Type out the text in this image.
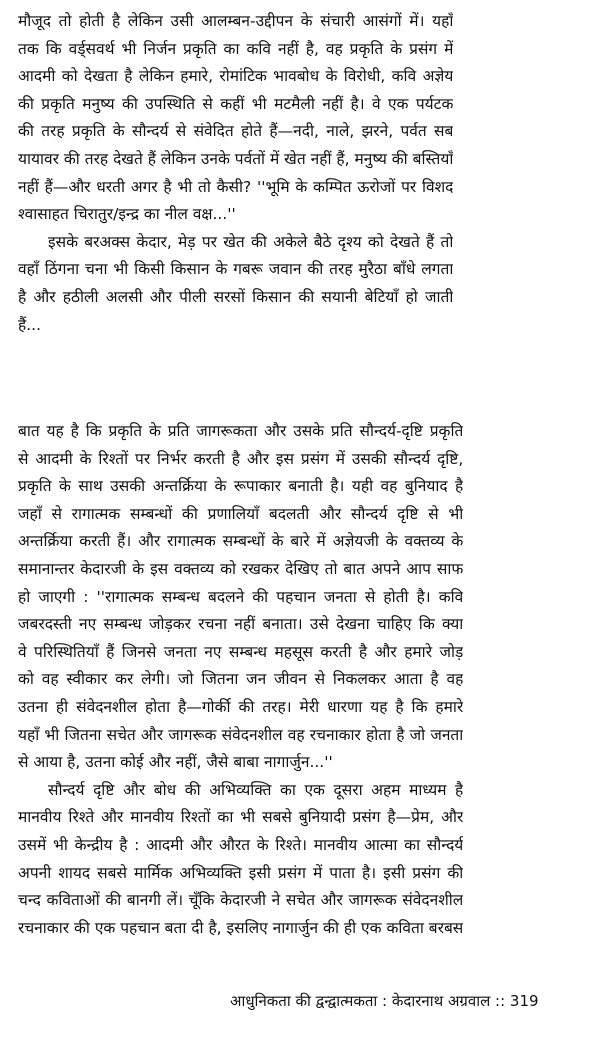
मौजूद तो होती है लेकिन उसी आलम्बन-उद्दीपन के संचारी आसंगों में। यहाँ
तक कि वर्ड्सवर्थ भी निर्जन प्रकृति का कवि नहीं है, वह प्रकृति के प्रसंग में
आदमी को देखता है लेकिन हमारे, रोमांटिक भावबोध के विरोधी, कवि अज्ञेय
की प्रकृति मनुष्य की उपस्थिति से कहीं भी मटमैली नहीं है। वे एक पर्यटक
की तरह प्रकृति के सौन्दर्य से संवेदित होते हैं—नदी, नाले, झरने, पर्वत सब
यायावर की तरह देखते हैं लेकिन उनके पर्वतों में खेत नहीं हैं, मनुष्य की बस्तियाँ
नहीं हैं—और धरती अगर है भी तो कैसी? ''भूमि के कम्पित ऊरोजों पर विशद
श्वासाहत चिरातुर/इन्द्र का नील वक्ष...''
इसके बरअक्स केदार, मेड़ पर खेत की अकेले बैठे दृश्य को देखते हैं तो
वहाँ ठिंगना चना भी किसी किसान के गबरू जवान की तरह मुरैठा बाँधे लगता
है और हठीली अलसी और पीली सरसों किसान की सयानी बेटियाँ हो जाती
हैं...
बात यह है कि प्रकृति के प्रति जागरूकता और उसके प्रति सौन्दर्य-दृष्टि प्रकृति
से आदमी के रिश्तों पर निर्भर करती है और इस प्रसंग में उसकी सौन्दर्य दृष्टि,
प्रकृति के साथ उसकी अन्तर्क्रिया के रूपाकार बनाती है। यही वह बुनियाद है
जहाँ से रागात्मक सम्बन्धों की प्रणालियाँ बदलती और सौन्दर्य दृष्टि से भी
अन्तर्क्रिया करती हैं। और रागात्मक सम्बन्धों के बारे में अज्ञेयजी के वक्तव्य के
समानान्तर केदारजी के इस वक्तव्य को रखकर देखिए तो बात अपने आप साफ
हो जाएगी : ''रागात्मक सम्बन्ध बदलने की पहचान जनता से होती है। कवि
जबरदस्ती नए सम्बन्ध जोड़कर रचना नहीं बनाता। उसे देखना चाहिए कि क्या
वे परिस्थितियाँ हैं जिनसे जनता नए सम्बन्ध महसूस करती है और हमारे जोड़
को वह स्वीकार कर लेगी। जो जितना जन जीवन से निकलकर आता है वह
उतना ही संवेदनशील होता है—गोर्की की तरह। मेरी धारणा यह है कि हमारे
यहाँ भी जितना सचेत और जागरूक संवेदनशील वह रचनाकार होता है जो जनता
से आया है, उतना कोई और नहीं, जैसे बाबा नागार्जुन...''
सौन्दर्य दृष्टि और बोध की अभिव्यक्ति का एक दूसरा अहम माध्यम है
मानवीय रिश्ते और मानवीय रिश्तों का भी सबसे बुनियादी प्रसंग है—प्रेम, और
उसमें भी केन्द्रीय है : आदमी और औरत के रिश्ते। मानवीय आत्मा का सौन्दर्य
अपनी शायद सबसे मार्मिक अभिव्यक्ति इसी प्रसंग में पाता है। इसी प्रसंग की
चन्द कविताओं की बानगी लें। चूँकि केदारजी ने सचेत और जागरूक संवेदनशील
रचनाकार की एक पहचान बता दी है, इसलिए नागार्जुन की ही एक कविता बरबस
आधुनिकता की द्वन्द्वात्मकता : केदारनाथ अग्रवाल :: 319
